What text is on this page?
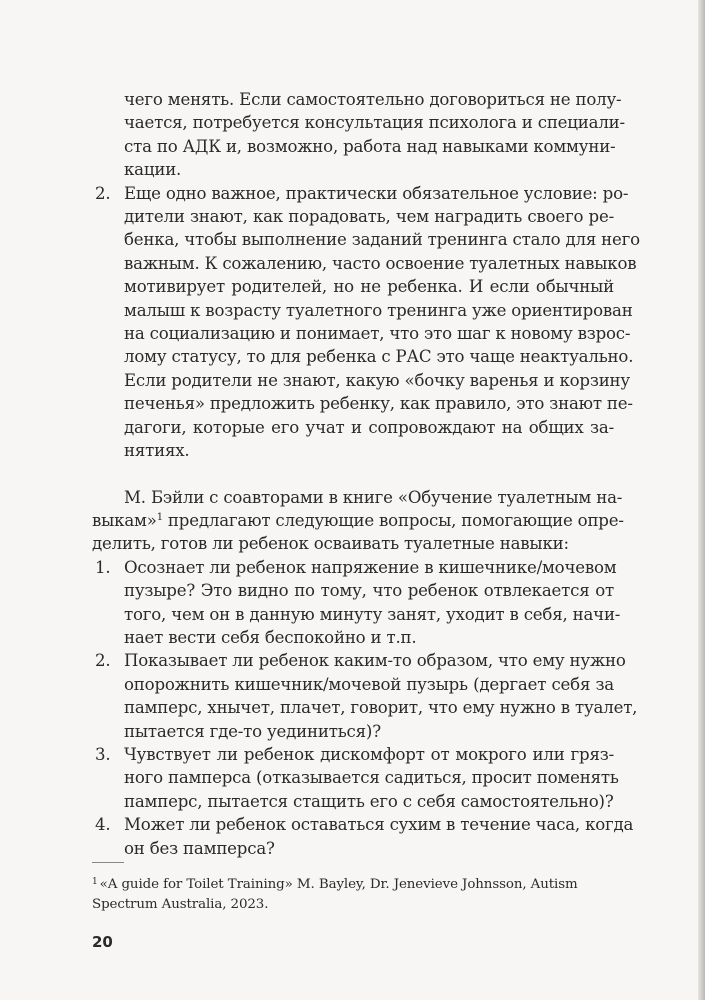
чего менять. Если самостоятельно договориться не полу-
чается, потребуется консультация психолога и специали-
ста по АДК и, возможно, работа над навыками коммуни-
кации.
2. Еще одно важное, практически обязательное условие: ро-
дители знают, как порадовать, чем наградить своего ре-
бенка, чтобы выполнение заданий тренинга стало для него
важным. К сожалению, часто освоение туалетных навыков
мотивирует родителей, но не ребенка. И если обычный
малыш к возрасту туалетного тренинга уже ориентирован
на социализацию и понимает, что это шаг к новому взрос-
лому статусу, то для ребенка с РАС это чаще неактуально.
Если родители не знают, какую «бочку варенья и корзину
печенья» предложить ребенку, как правило, это знают пе-
дагоги, которые его учат и сопровождают на общих за-
нятиях.
М. Бэйли с соавторами в книге «Обучение туалетным на-
выкам»$^1$ предлагают следующие вопросы, помогающие опре-
делить, готов ли ребенок осваивать туалетные навыки:
1. Осознает ли ребенок напряжение в кишечнике/мочевом
пузыре? Это видно по тому, что ребенок отвлекается от
того, чем он в данную минуту занят, уходит в себя, начи-
нает вести себя беспокойно и т.п.
2. Показывает ли ребенок каким-то образом, что ему нужно
опорожнить кишечник/мочевой пузырь (дергает себя за
памперс, хнычет, плачет, говорит, что ему нужно в туалет,
пытается где-то уединиться)?
3. Чувствует ли ребенок дискомфорт от мокрого или гряз-
ного памперса (отказывается садиться, просит поменять
памперс, пытается стащить его с себя самостоятельно)?
4. Может ли ребенок оставаться сухим в течение часа, когда
он без памперса?
$^1$ «A guide for Toilet Training» M. Bayley, Dr. Jenevieve Johnsson, Autism
Spectrum Australia, 2023.
20
